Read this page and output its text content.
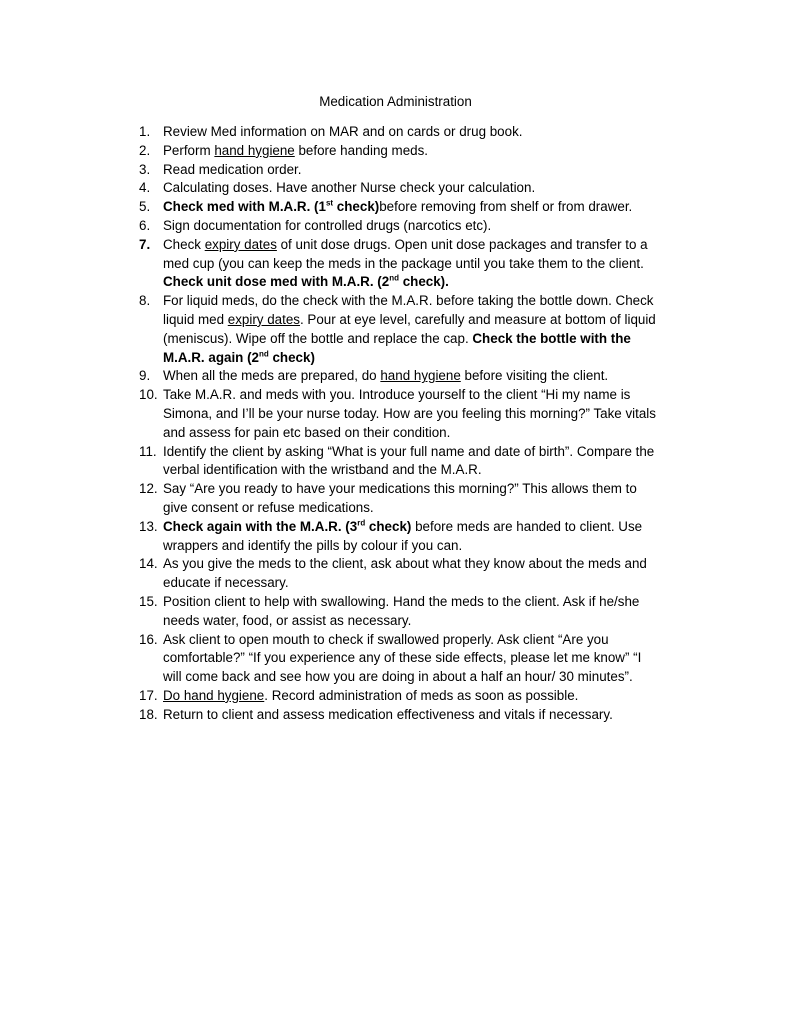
Medication Administration
1. Review Med information on MAR and on cards or drug book.
2. Perform hand hygiene before handing meds.
3. Read medication order.
4. Calculating doses. Have another Nurse check your calculation.
5. Check med with M.A.R. (1st check)before removing from shelf or from drawer.
6. Sign documentation for controlled drugs (narcotics etc).
7. Check expiry dates of unit dose drugs. Open unit dose packages and transfer to a
med cup (you can keep the meds in the package until you take them to the client.
Check unit dose med with M.A.R. (2nd check).
8. For liquid meds, do the check with the M.A.R. before taking the bottle down. Check
liquid med expiry dates. Pour at eye level, carefully and measure at bottom of liquid
(meniscus). Wipe off the bottle and replace the cap. Check the bottle with the
M.A.R. again (2nd check)
9. When all the meds are prepared, do hand hygiene before visiting the client.
10. Take M.A.R. and meds with you. Introduce yourself to the client “Hi my name is
Simona, and I’ll be your nurse today. How are you feeling this morning?” Take vitals
and assess for pain etc based on their condition.
11. Identify the client by asking “What is your full name and date of birth”. Compare the
verbal identification with the wristband and the M.A.R.
12. Say “Are you ready to have your medications this morning?” This allows them to
give consent or refuse medications.
13. Check again with the M.A.R. (3rd check) before meds are handed to client. Use
wrappers and identify the pills by colour if you can.
14. As you give the meds to the client, ask about what they know about the meds and
educate if necessary.
15. Position client to help with swallowing. Hand the meds to the client. Ask if he/she
needs water, food, or assist as necessary.
16. Ask client to open mouth to check if swallowed properly. Ask client “Are you
comfortable?” “If you experience any of these side effects, please let me know” “I
will come back and see how you are doing in about a half an hour/ 30 minutes”.
17. Do hand hygiene. Record administration of meds as soon as possible.
18. Return to client and assess medication effectiveness and vitals if necessary.
